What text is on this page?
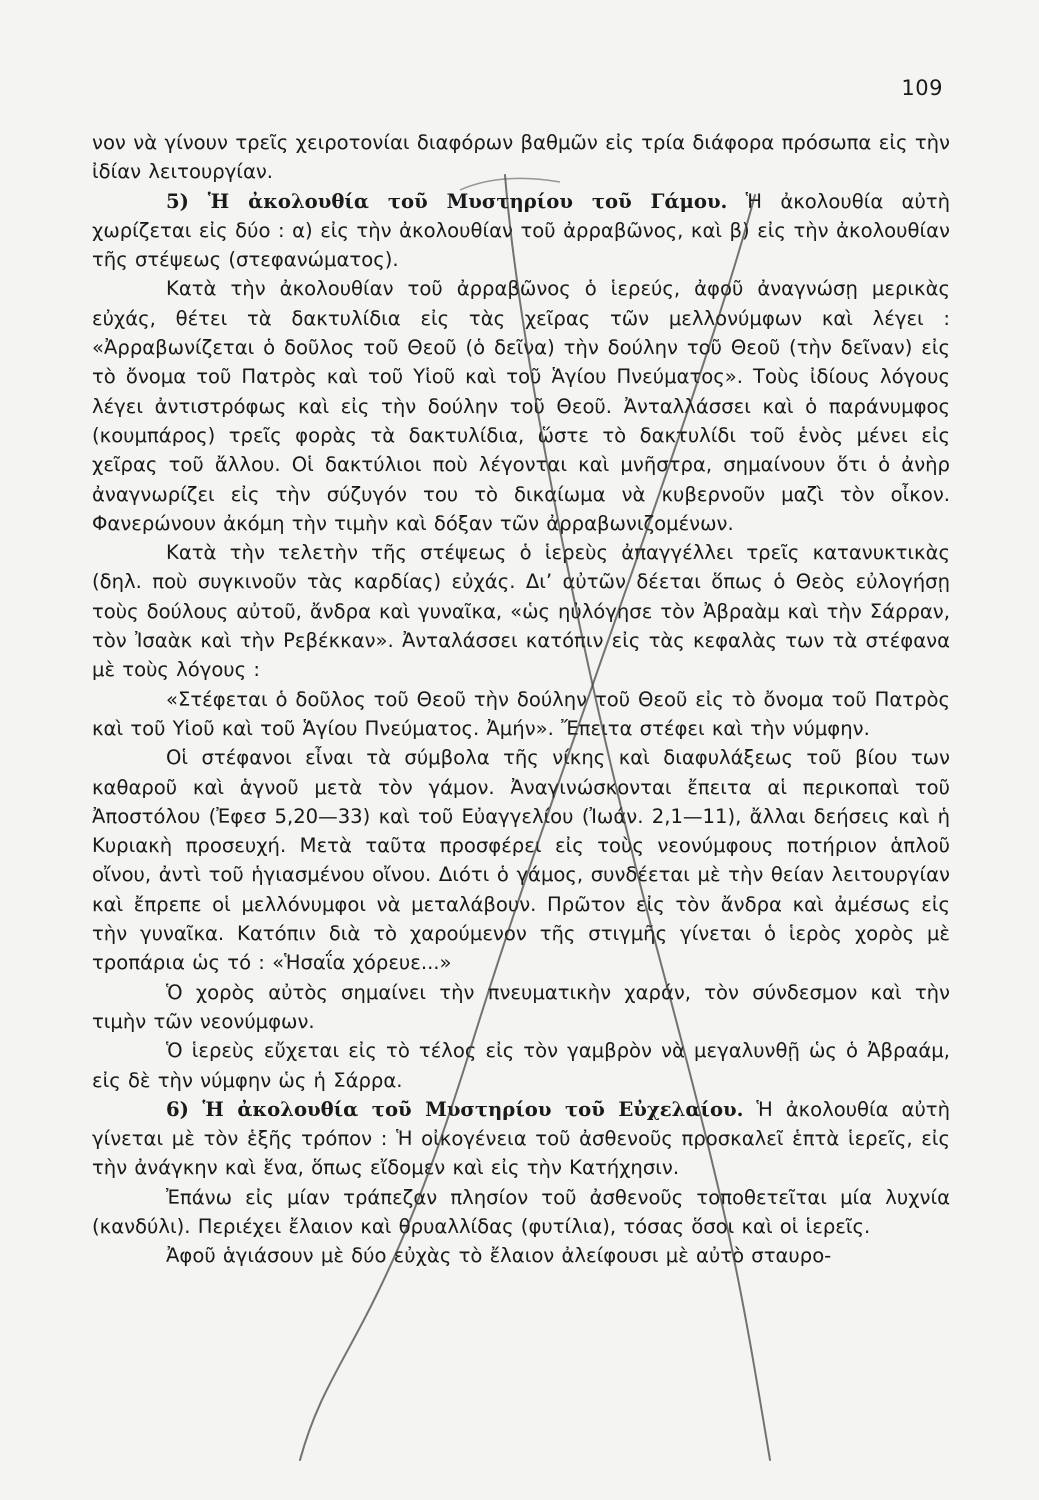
109

νον νὰ γίνουν τρεῖς χειροτονίαι διαφόρων βαθμῶν εἰς τρία διάφορα πρόσωπα εἰς τὴν ἰδίαν λειτουργίαν.

5) Ἡ ἀκολουθία τοῦ Μυστηρίου τοῦ Γάμου. Ἡ ἀκολουθία αὐτὴ χωρίζεται εἰς δύο : α) εἰς τὴν ἀκολουθίαν τοῦ ἀρραβῶνος, καὶ β) εἰς τὴν ἀκολουθίαν τῆς στέψεως (στεφανώματος).

Κατὰ τὴν ἀκολουθίαν τοῦ ἀρραβῶνος ὁ ἱερεύς, ἀφοῦ ἀναγνώσῃ μερικὰς εὐχάς, θέτει τὰ δακτυλίδια εἰς τὰς χεῖρας τῶν μελλονύμφων καὶ λέγει : «Ἀρραβωνίζεται ὁ δοῦλος τοῦ Θεοῦ (ὁ δεῖνα) τὴν δούλην τοῦ Θεοῦ (τὴν δεῖναν) εἰς τὸ ὄνομα τοῦ Πατρὸς καὶ τοῦ Υἱοῦ καὶ τοῦ Ἁγίου Πνεύματος». Τοὺς ἰδίους λόγους λέγει ἀντιστρόφως καὶ εἰς τὴν δούλην τοῦ Θεοῦ. Ἀνταλλάσσει καὶ ὁ παράνυμφος (κουμπάρος) τρεῖς φορὰς τὰ δακτυλίδια, ὥστε τὸ δακτυλίδι τοῦ ἑνὸς μένει εἰς χεῖρας τοῦ ἄλλου. Οἱ δακτύλιοι ποὺ λέγονται καὶ μνῆστρα, σημαίνουν ὅτι ὁ ἀνὴρ ἀναγνωρίζει εἰς τὴν σύζυγόν του τὸ δικαίωμα νὰ κυβερνοῦν μαζὶ τὸν οἶκον. Φανερώνουν ἀκόμη τὴν τιμὴν καὶ δόξαν τῶν ἀρραβωνιζομένων.

Κατὰ τὴν τελετὴν τῆς στέψεως ὁ ἱερεὺς ἀπαγγέλλει τρεῖς κατανυκτικὰς (δηλ. ποὺ συγκινοῦν τὰς καρδίας) εὐχάς. Δι’ αὐτῶν δέεται ὅπως ὁ Θεὸς εὐλογήσῃ τοὺς δούλους αὐτοῦ, ἄνδρα καὶ γυναῖκα, «ὡς ηὐλόγησε τὸν Ἀβραὰμ καὶ τὴν Σάρραν, τὸν Ἰσαὰκ καὶ τὴν Ρεβέκκαν». Ἀνταλάσσει κατόπιν εἰς τὰς κεφαλὰς των τὰ στέφανα μὲ τοὺς λόγους :

«Στέφεται ὁ δοῦλος τοῦ Θεοῦ τὴν δούλην τοῦ Θεοῦ εἰς τὸ ὄνομα τοῦ Πατρὸς καὶ τοῦ Υἱοῦ καὶ τοῦ Ἁγίου Πνεύματος. Ἀμήν». Ἔπειτα στέφει καὶ τὴν νύμφην.

Οἱ στέφανοι εἶναι τὰ σύμβολα τῆς νίκης καὶ διαφυλάξεως τοῦ βίου των καθαροῦ καὶ ἁγνοῦ μετὰ τὸν γάμον. Ἀναγινώσκονται ἔπειτα αἱ περικοπαὶ τοῦ Ἀποστόλου (Ἐφεσ 5,20—33) καὶ τοῦ Εὐαγγελίου (Ἰωάν. 2,1—11), ἄλλαι δεήσεις καὶ ἡ Κυριακὴ προσευχή. Μετὰ ταῦτα προσφέρει εἰς τοὺς νεονύμφους ποτήριον ἁπλοῦ οἴνου, ἀντὶ τοῦ ἡγιασμένου οἴνου. Διότι ὁ γάμος, συνδέεται μὲ τὴν θείαν λειτουργίαν καὶ ἔπρεπε οἱ μελλόνυμφοι νὰ μεταλάβουν. Πρῶτον εἰς τὸν ἄνδρα καὶ ἀμέσως εἰς τὴν γυναῖκα. Κατόπιν διὰ τὸ χαρούμενον τῆς στιγμῆς γίνεται ὁ ἱερὸς χορὸς μὲ τροπάρια ὡς τό : «Ἡσαΐα χόρευε...»

Ὁ χορὸς αὐτὸς σημαίνει τὴν πνευματικὴν χαράν, τὸν σύνδεσμον καὶ τὴν τιμὴν τῶν νεονύμφων.

Ὁ ἱερεὺς εὔχεται εἰς τὸ τέλος εἰς τὸν γαμβρὸν νὰ μεγαλυνθῇ ὡς ὁ Ἀβραάμ, εἰς δὲ τὴν νύμφην ὡς ἡ Σάρρα.

6) Ἡ ἀκολουθία τοῦ Μυστηρίου τοῦ Εὐχελαίου. Ἡ ἀκολουθία αὐτὴ γίνεται μὲ τὸν ἑξῆς τρόπον : Ἡ οἰκογένεια τοῦ ἀσθενοῦς προσκαλεῖ ἑπτὰ ἱερεῖς, εἰς τὴν ἀνάγκην καὶ ἕνα, ὅπως εἴδομεν καὶ εἰς τὴν Κατήχησιν.

Ἐπάνω εἰς μίαν τράπεζαν πλησίον τοῦ ἀσθενοῦς τοποθετεῖται μία λυχνία (κανδύλι). Περιέχει ἔλαιον καὶ θρυαλλίδας (φυτίλια), τόσας ὅσοι καὶ οἱ ἱερεῖς.

Ἀφοῦ ἁγιάσουν μὲ δύο εὐχὰς τὸ ἔλαιον ἀλείφουσι μὲ αὐτὸ σταυρο-
